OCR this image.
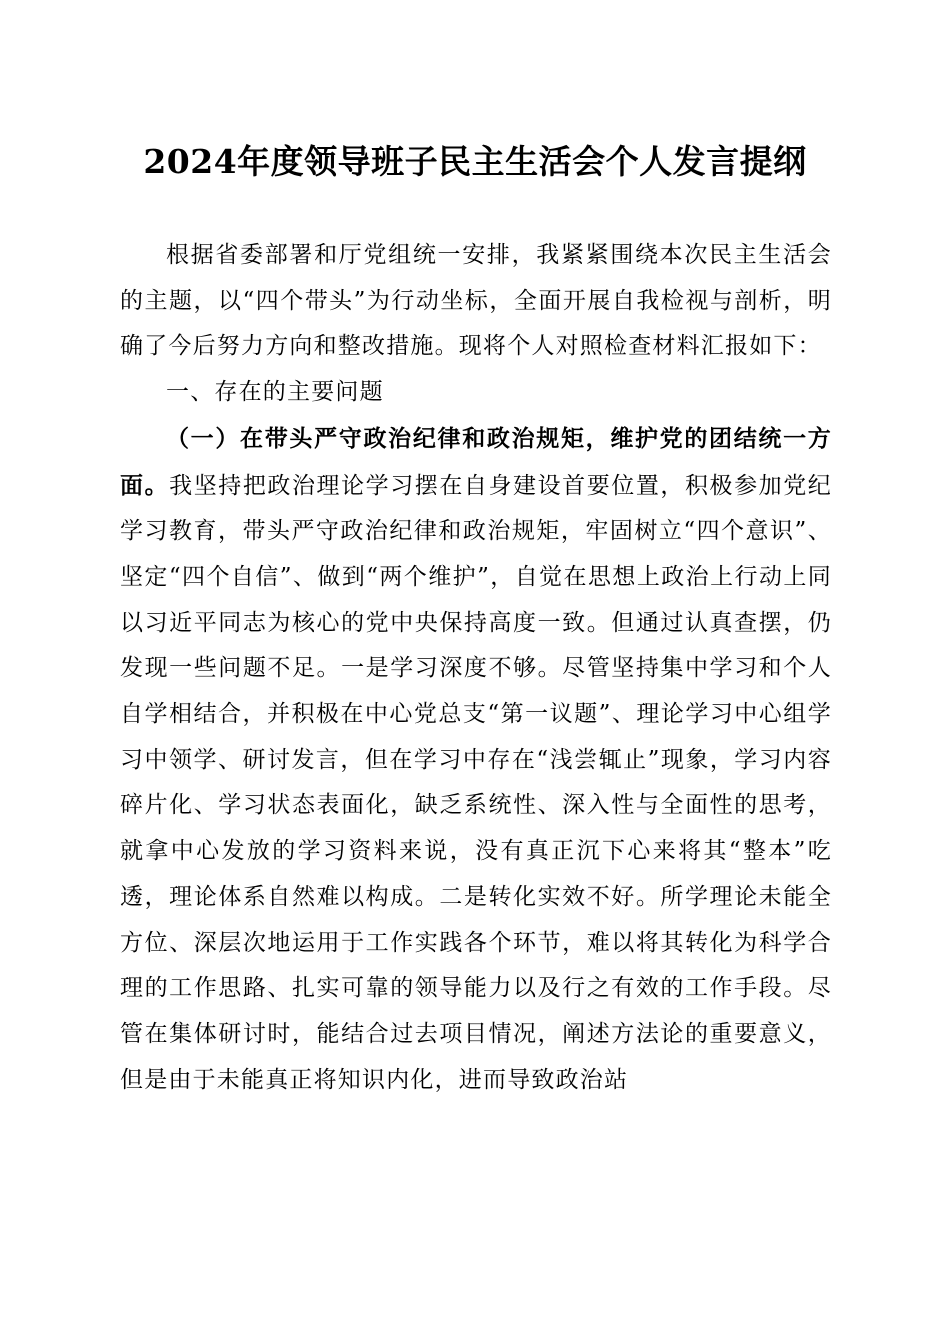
2024年度领导班子民主生活会个人发言提纲

根据省委部署和厅党组统一安排，我紧紧围绕本次民主生活会的主题，以“四个带头”为行动坐标，全面开展自我检视与剖析，明确了今后努力方向和整改措施。现将个人对照检查材料汇报如下：

一、存在的主要问题

（一）在带头严守政治纪律和政治规矩，维护党的团结统一方面。我坚持把政治理论学习摆在自身建设首要位置，积极参加党纪学习教育，带头严守政治纪律和政治规矩，牢固树立“四个意识”、坚定“四个自信”、做到“两个维护”，自觉在思想上政治上行动上同以习近平同志为核心的党中央保持高度一致。但通过认真查摆，仍发现一些问题不足。一是学习深度不够。尽管坚持集中学习和个人自学相结合，并积极在中心党总支“第一议题”、理论学习中心组学习中领学、研讨发言，但在学习中存在“浅尝辄止”现象，学习内容碎片化、学习状态表面化，缺乏系统性、深入性与全面性的思考，就拿中心发放的学习资料来说，没有真正沉下心来将其“整本”吃透，理论体系自然难以构成。二是转化实效不好。所学理论未能全方位、深层次地运用于工作实践各个环节，难以将其转化为科学合理的工作思路、扎实可靠的领导能力以及行之有效的工作手段。尽管在集体研讨时，能结合过去项目情况，阐述方法论的重要意义，但是由于未能真正将知识内化，进而导致政治站
